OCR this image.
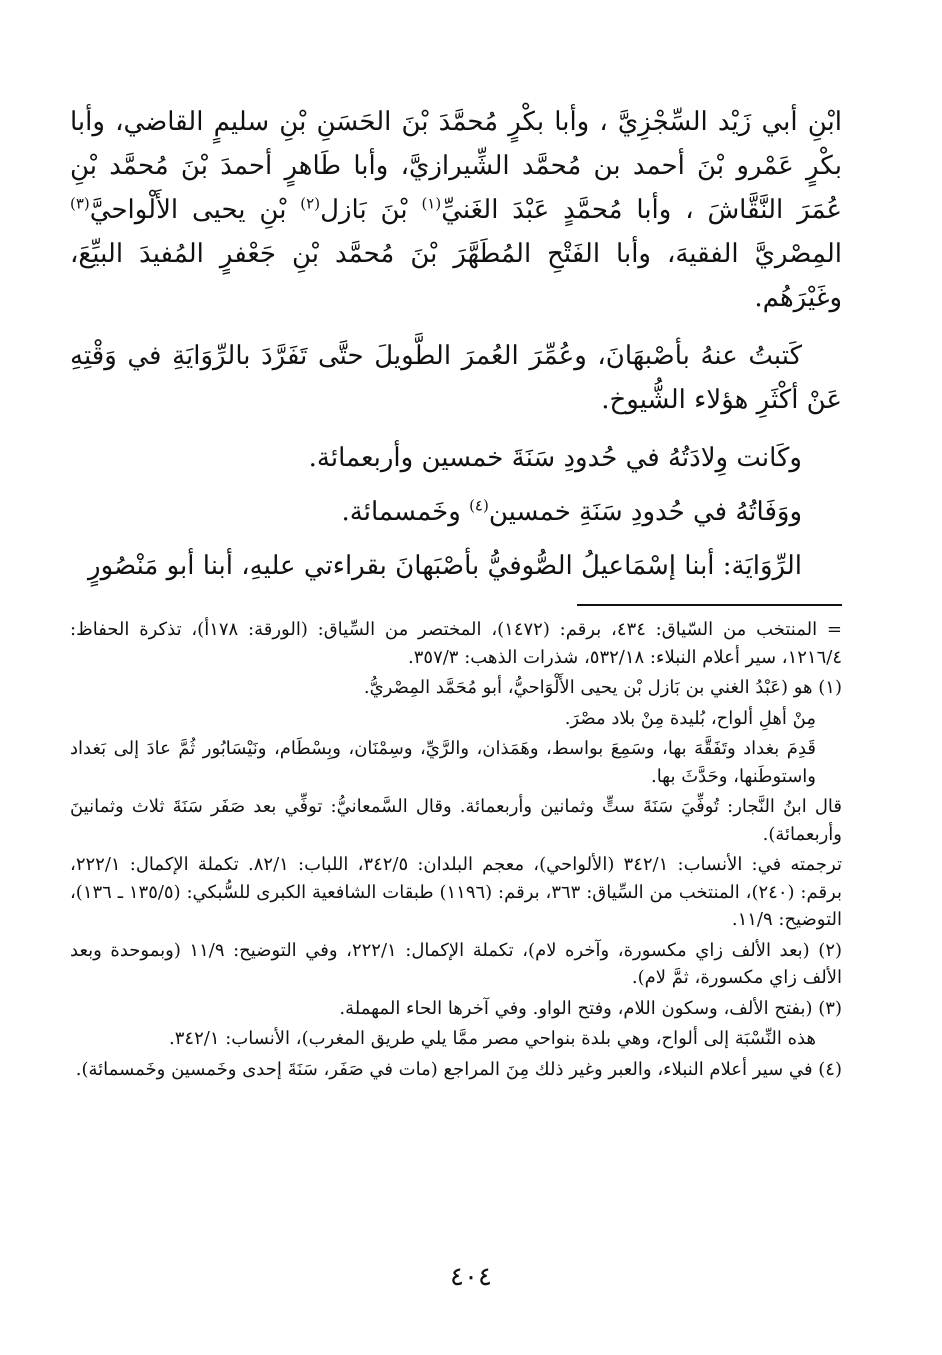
ابْنِ أبي زَيْد السِّجْزِيَّ ، وأبا بكْرٍ مُحمَّدَ بْنَ الحَسَنِ بْنِ سليمٍ القاضي، وأبا بكْرٍ عَمْرو بْنَ أحمد بن مُحمَّد الشِّيرازيَّ، وأبا طَاهرٍ أحمدَ بْنَ مُحمَّد بْنِ عُمَرَ النَّقَّاشَ ، وأبا مُحمَّدٍ عَبْدَ الغَنيِّ$^{(١)}$ بْنَ بَازل$^{(٢)}$ بْنِ يحيى الأَلْواحيَّ$^{(٣)}$ المِصْريَّ الفقيهَ، وأبا الفَتْحِ المُطَهَّرَ بْنَ مُحمَّد بْنِ جَعْفرٍ المُفيدَ البيِّعَ، وغَيْرَهُم.

كَتبتُ عنهُ بأصْبهَانَ، وعُمِّرَ العُمرَ الطَّويلَ حتَّى تَفَرَّدَ بالرِّوَايَةِ في وَقْتِهِ عَنْ أكْثَرِ هؤلاء الشُّيوخ.

وكَانت وِلادَتُهُ في حُدودِ سَنَةَ خمسين وأربعمائة.

ووَفَاتُهُ في حُدودِ سَنَةِ خمسين$^{(٤)}$ وخَمسمائة.

الرِّوَايَة: أبنا إسْمَاعيلُ الصُّوفيُّ بأصْبَهانَ بقراءتي عليهِ، أبنا أبو مَنْصُورٍ

= المنتخب من السّياق: ٤٣٤، برقم: (١٤٧٢)، المختصر من السِّياق: (الورقة: ١٧٨أ)، تذكرة الحفاظ: ١٢١٦/٤، سير أعلام النبلاء: ٥٣٢/١٨، شذرات الذهب: ٣٥٧/٣.

(١) هو (عَبْدُ الغني بن بَازل بْن يحيى الأَلْوَاحيُّ، أبو مُحَمَّد المِصْريُّ.

مِنْ أهلِ ألواح، بُليدة مِنْ بلاد مصْرَ.

قَدِمَ بغداد وتَفَقَّهَ بها، وسَمِعَ بواسط، وهَمَذان، والرَّيِّ، وسِمْنَان، وبِسْطَام، ونَيْسَابُور ثُمَّ عادَ إلى بَغداد واستوطَنها، وحَدَّثَ بها.

قال ابنُ النَّجار: تُوفِّيَ سَنَةَ ستٍّ وثمانين وأربعمائة. وقال السَّمعانيُّ: توفِّي بعد صَفَر سَنَةَ ثلاث وثمانينَ وأربعمائة).

ترجمته في: الأنساب: ٣٤٢/١ (الألواحي)، معجم البلدان: ٣٤٢/٥، اللباب: ٨٢/١. تكملة الإكمال: ٢٢٢/١، برقم: (٢٤٠)، المنتخب من السِّياق: ٣٦٣، برقم: (١١٩٦) طبقات الشافعية الكبرى للسُّبكي: (١٣٥/٥ ـ ١٣٦)، التوضيح: ١١/٩.

(٢) (بعد الألف زاي مكسورة، وآخره لام)، تكملة الإكمال: ٢٢٢/١، وفي التوضيح: ١١/٩ (وبموحدة وبعد الألف زاي مكسورة، ثمَّ لام).

(٣) (بفتح الألف، وسكون اللام، وفتح الواو. وفي آخرها الحاء المهملة.

هذه النِّسْبَة إلى ألواح، وهي بلدة بنواحي مصر ممَّا يلي طريق المغرب)، الأنساب: ٣٤٢/١.

(٤) في سير أعلام النبلاء، والعبر وغير ذلك مِنَ المراجع (مات في صَفَر، سَنَةَ إحدى وخَمسين وخَمسمائة).

٤٠٤
